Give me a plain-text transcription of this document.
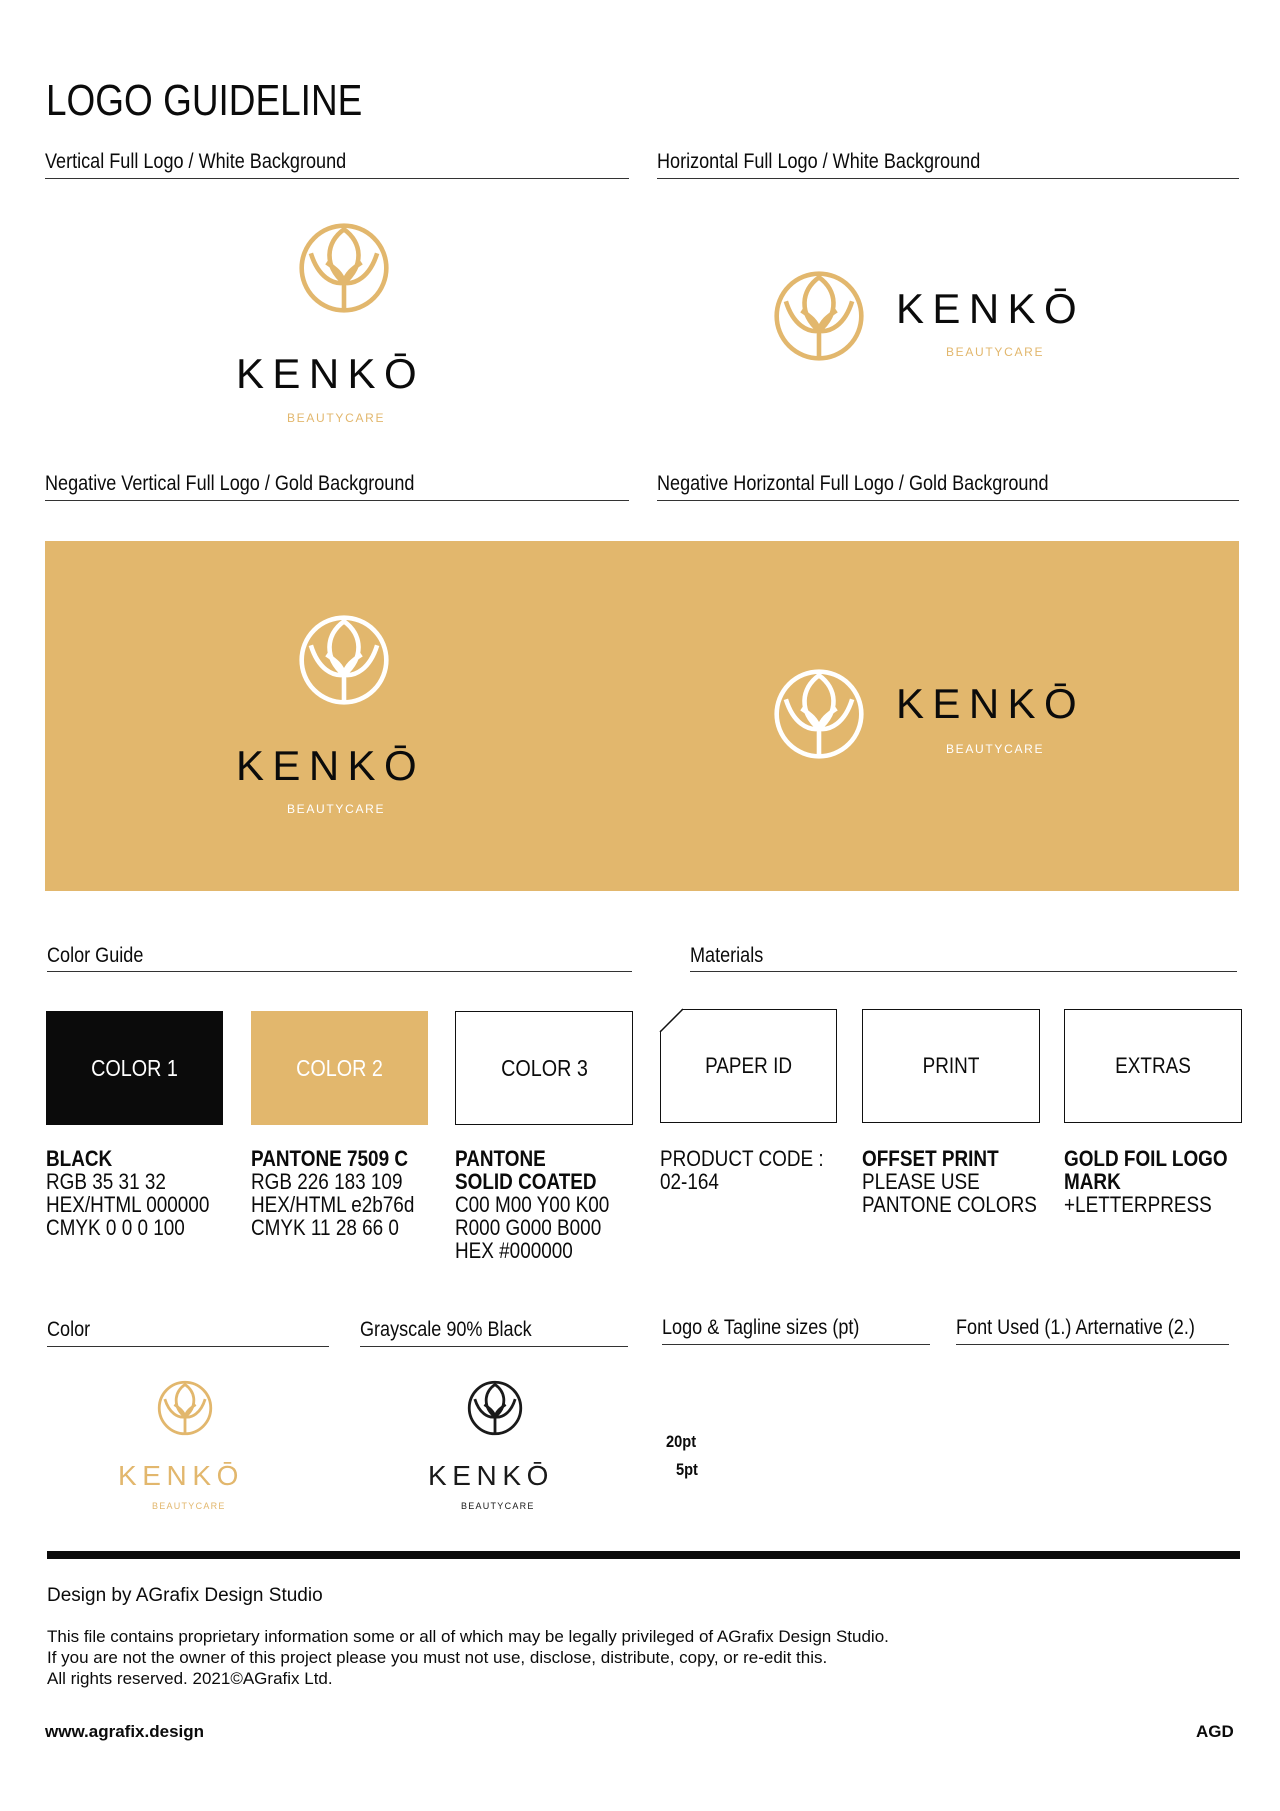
LOGO GUIDELINE
Vertical Full Logo / White Background	Horizontal Full Logo / White Background
KENKŌ
BEAUTYCARE
KENKŌ
BEAUTYCARE
Negative Vertical Full Logo / Gold Background	Negative Horizontal Full Logo / Gold Background
KENKŌ
BEAUTYCARE
KENKŌ
BEAUTYCARE
Color Guide	Materials
COLOR 1	COLOR 2	COLOR 3
BLACK
RGB 35 31 32
HEX/HTML 000000
CMYK 0 0 0 100
PANTONE 7509 C
RGB 226 183 109
HEX/HTML e2b76d
CMYK 11 28 66 0
PANTONE
SOLID COATED
C00 M00 Y00 K00
R000 G000 B000
HEX #000000
PAPER ID	PRINT	EXTRAS
PRODUCT CODE :
02-164
OFFSET PRINT
PLEASE USE
PANTONE COLORS
GOLD FOIL LOGO
MARK
+LETTERPRESS
Color	Grayscale 90% Black	Logo & Tagline sizes (pt)	Font Used (1.) Arternative (2.)
KENKŌ
BEAUTYCARE
KENKŌ
BEAUTYCARE
20pt
5pt
Design by AGrafix Design Studio
This file contains proprietary information some or all of which may be legally privileged of AGrafix Design Studio.
If you are not the owner of this project please you must not use, disclose, distribute, copy, or re-edit this.
All rights reserved. 2021©AGrafix Ltd.
www.agrafix.design	AGD
